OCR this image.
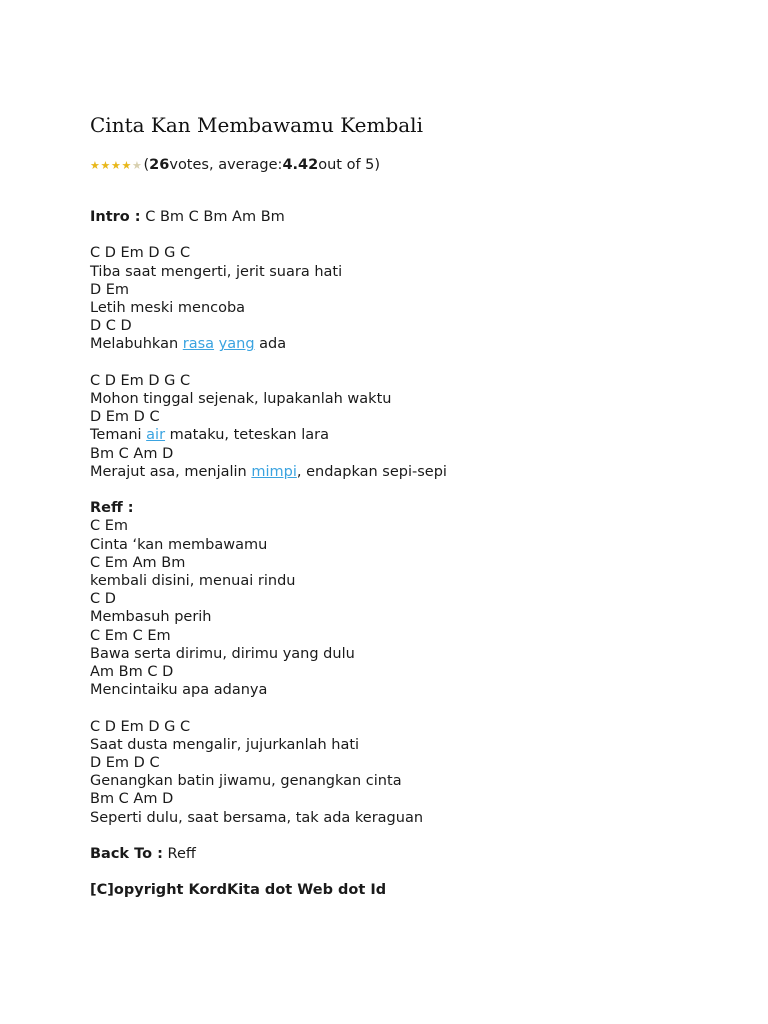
Cinta Kan Membawamu Kembali
★ ★ ★ ★ ★ ( 26 votes, average: 4.42 out of 5)
Intro : C Bm C Bm Am Bm
C D Em D G C
Tiba saat mengerti, jerit suara hati
D Em
Letih meski mencoba
D C D
Melabuhkan rasa yang ada
C D Em D G C
Mohon tinggal sejenak, lupakanlah waktu
D Em D C
Temani air mataku, teteskan lara
Bm C Am D
Merajut asa, menjalin mimpi, endapkan sepi-sepi
Reff :
C Em
Cinta ‘kan membawamu
C Em Am Bm
kembali disini, menuai rindu
C D
Membasuh perih
C Em C Em
Bawa serta dirimu, dirimu yang dulu
Am Bm C D
Mencintaiku apa adanya
C D Em D G C
Saat dusta mengalir, jujurkanlah hati
D Em D C
Genangkan batin jiwamu, genangkan cinta
Bm C Am D
Seperti dulu, saat bersama, tak ada keraguan
Back To : Reff
[C]opyright KordKita dot Web dot Id
